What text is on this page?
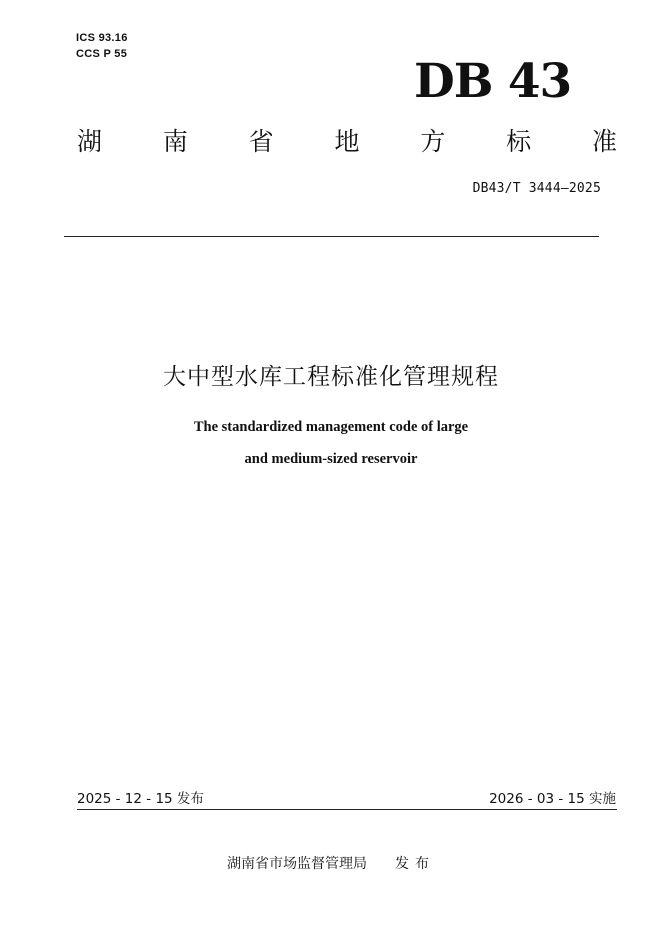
ICS 93.16
CCS P 55	DB 43
湖 南 省 地 方 标 准
DB43/T 3444—2025
大中型水库工程标准化管理规程
The standardized management code of large
and medium-sized reservoir
2025 - 12 - 15 发布	2026 - 03 - 15 实施
湖南省市场监督管理局 发布
